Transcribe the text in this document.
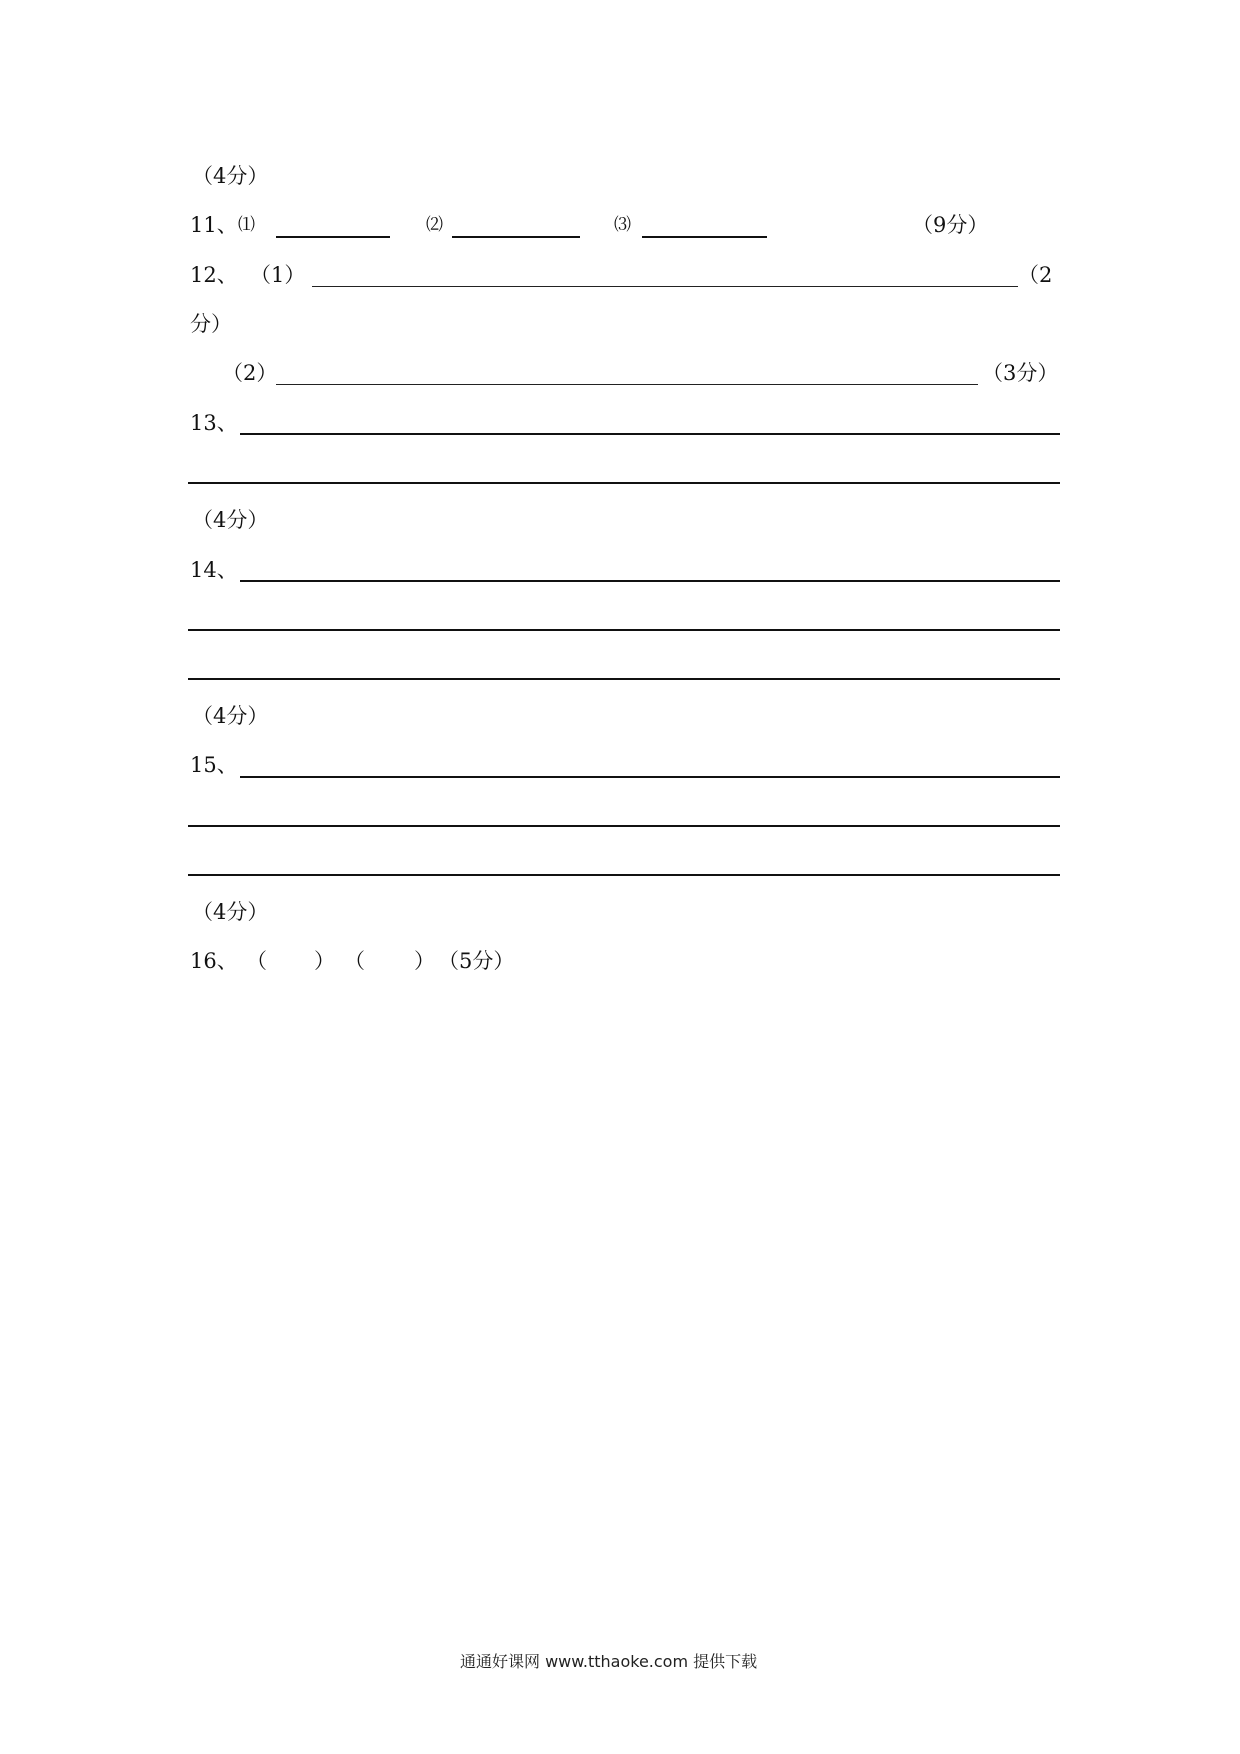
（4分）
11、 ⑴	⑵	⑶	（9分）
12、 （1）	（2
分）
（2）	（3分）
13、
（4分）
14、
（4分）
15、
（4分）
16、 （ ） （ ） （5分）
通通好课网 www.tthaoke.com 提供下载
